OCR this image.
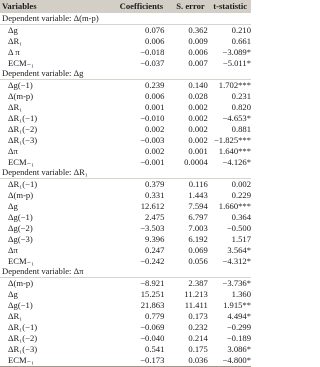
Variables	Coefficients	S. error t-statistic
Dependent variable: Δ(m-p)
Δg	0.076	0.362	0.210
ΔR₁	0.006	0.009	0.661
Δ π	−0.018	0.006	−3.089*
ECM₋₁	−0.037	0.007	−5.011*
Dependent variable: Δg
Δg(−1)	0.239	0.140	1.702***
Δ(m-p)	0.006	0.028	0.231
ΔR₁	0.001	0.002	0.820
ΔR₁(−1)	−0.010	0.002	−4.653*
ΔR₁(−2)	0.002	0.002	0.881
ΔR₁(−3)	−0.003	0.002 −1.825***
Δπ	0.002	0.001	1.640***
ECM₋₁	−0.001	0.0004	−4.126*
Dependent variable: ΔR₁
ΔR₁(−1)	0.379	0.116	0.002
Δ(m-p)	0.331	1.443	0.229
Δg	12.612	7.594	1.660***
Δg(−1)	2.475	6.797	0.364
Δg(−2)	−3.503	7.003	−0.500
Δg(−3)	9.396	6.192	1.517
Δπ	0.247	0.069	3.564*
ECM₋₁	−0.242	0.056	−4.312*
Dependent variable: Δπ
Δ(m-p)	−8.921	2.387	−3.736*
Δg	15.251	11.213	1.360
Δg(−1)	21.863	11.411	1.915**
ΔR₁	0.779	0.173	4.494*
ΔR₁(−1)	−0.069	0.232	−0.299
ΔR₁(−2)	−0.040	0.214	−0.189
ΔR₁(−3)	0.541	0.175	3.086*
ECM₋₁	−0.173	0.036	−4.800*
